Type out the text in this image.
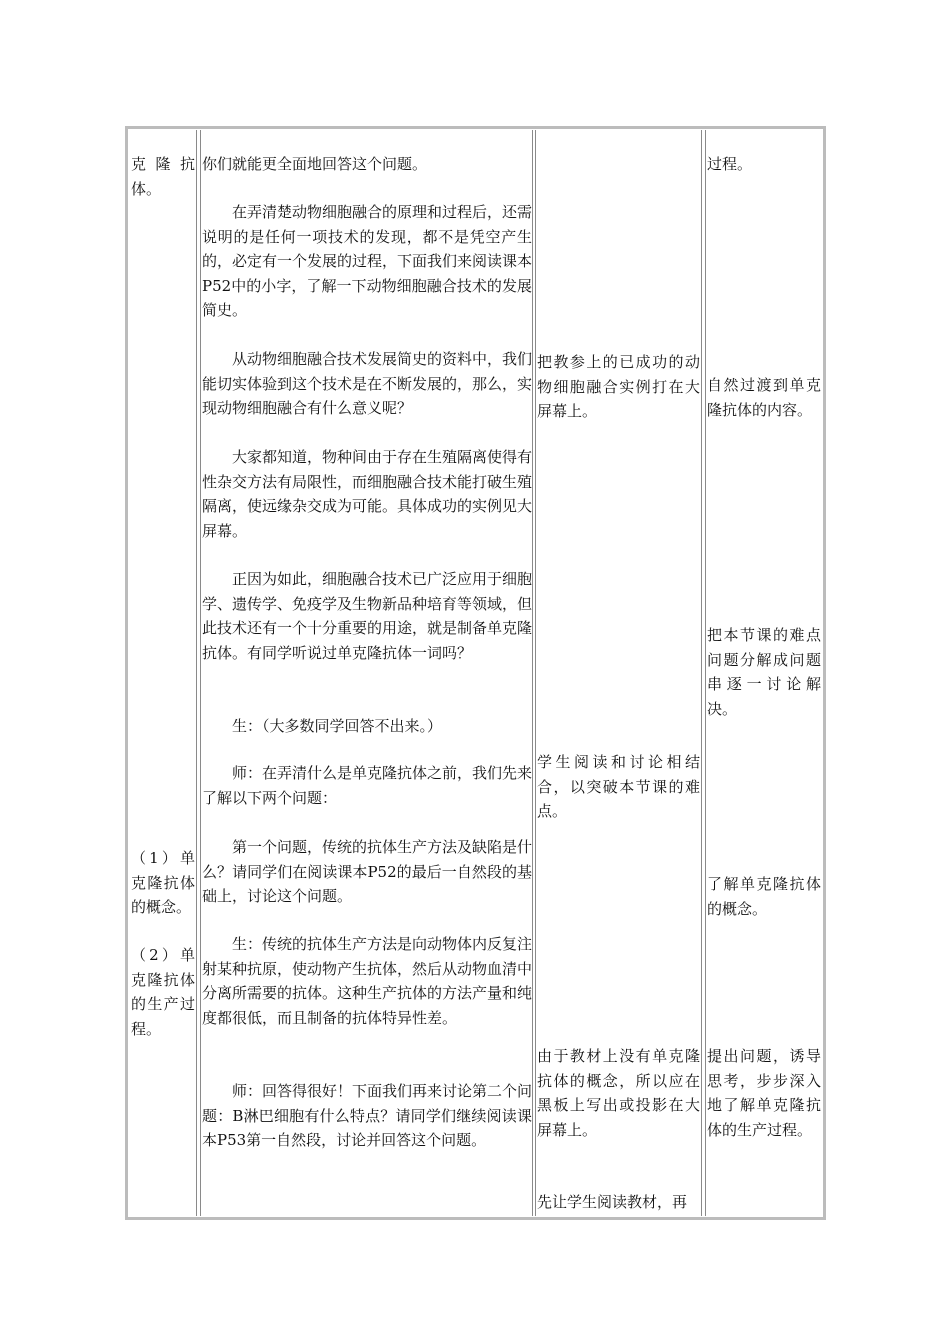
克隆抗体。
（1）单克隆抗体的概念。
（2）单克隆抗体的生产过程。
你们就能更全面地回答这个问题。
在弄清楚动物细胞融合的原理和过程后，还需说明的是任何一项技术的发现，都不是凭空产生的，必定有一个发展的过程，下面我们来阅读课本P52中的小字，了解一下动物细胞融合技术的发展简史。
从动物细胞融合技术发展简史的资料中，我们能切实体验到这个技术是在不断发展的，那么，实现动物细胞融合有什么意义呢？
大家都知道，物种间由于存在生殖隔离使得有性杂交方法有局限性，而细胞融合技术能打破生殖隔离，使远缘杂交成为可能。具体成功的实例见大屏幕。
正因为如此，细胞融合技术已广泛应用于细胞学、遗传学、免疫学及生物新品种培育等领域，但此技术还有一个十分重要的用途，就是制备单克隆抗体。有同学听说过单克隆抗体一词吗？
生：（大多数同学回答不出来。）
师：在弄清什么是单克隆抗体之前，我们先来了解以下两个问题：
第一个问题，传统的抗体生产方法及缺陷是什么？请同学们在阅读课本P52的最后一自然段的基础上，讨论这个问题。
生：传统的抗体生产方法是向动物体内反复注射某种抗原，使动物产生抗体，然后从动物血清中分离所需要的抗体。这种生产抗体的方法产量和纯度都很低，而且制备的抗体特异性差。
师：回答得很好！下面我们再来讨论第二个问题：B淋巴细胞有什么特点？请同学们继续阅读课本P53第一自然段，讨论并回答这个问题。
把教参上的已成功的动物细胞融合实例打在大屏幕上。
学生阅读和讨论相结合，以突破本节课的难点。
由于教材上没有单克隆抗体的概念，所以应在黑板上写出或投影在大屏幕上。
先让学生阅读教材，再
过程。
自然过渡到单克隆抗体的内容。
把本节课的难点问题分解成问题串逐一讨论解决。
了解单克隆抗体的概念。
提出问题，诱导思考，步步深入地了解单克隆抗体的生产过程。
